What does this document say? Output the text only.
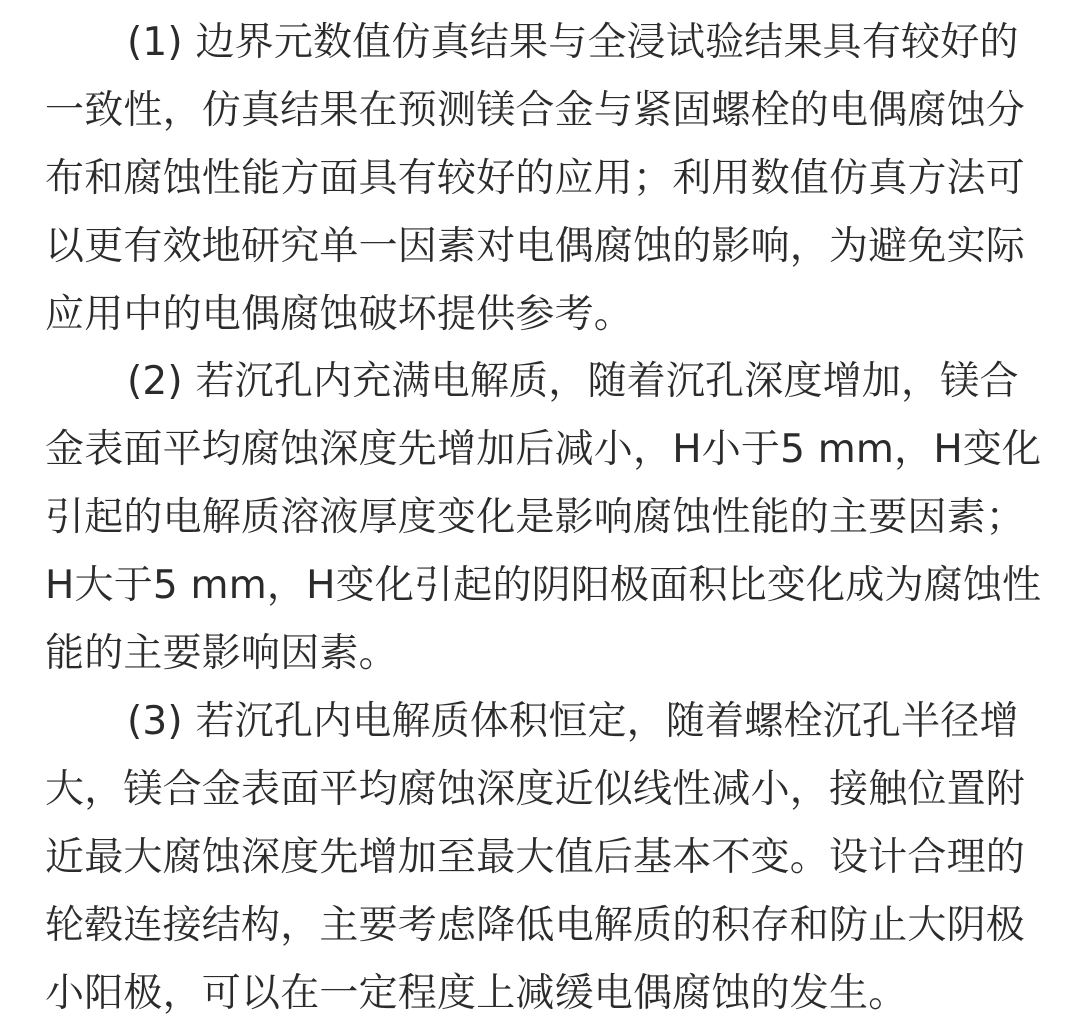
(1) 边界元数值仿真结果与全浸试验结果具有较好的
一致性，仿真结果在预测镁合金与紧固螺栓的电偶腐蚀分
布和腐蚀性能方面具有较好的应用；利用数值仿真方法可
以更有效地研究单一因素对电偶腐蚀的影响，为避免实际
应用中的电偶腐蚀破坏提供参考。
(2) 若沉孔内充满电解质，随着沉孔深度增加，镁合
金表面平均腐蚀深度先增加后减小，H小于5 mm，H变化
引起的电解质溶液厚度变化是影响腐蚀性能的主要因素；
H大于5 mm，H变化引起的阴阳极面积比变化成为腐蚀性
能的主要影响因素。
(3) 若沉孔内电解质体积恒定，随着螺栓沉孔半径增
大，镁合金表面平均腐蚀深度近似线性减小，接触位置附
近最大腐蚀深度先增加至最大值后基本不变。设计合理的
轮毂连接结构，主要考虑降低电解质的积存和防止大阴极
小阳极，可以在一定程度上减缓电偶腐蚀的发生。
